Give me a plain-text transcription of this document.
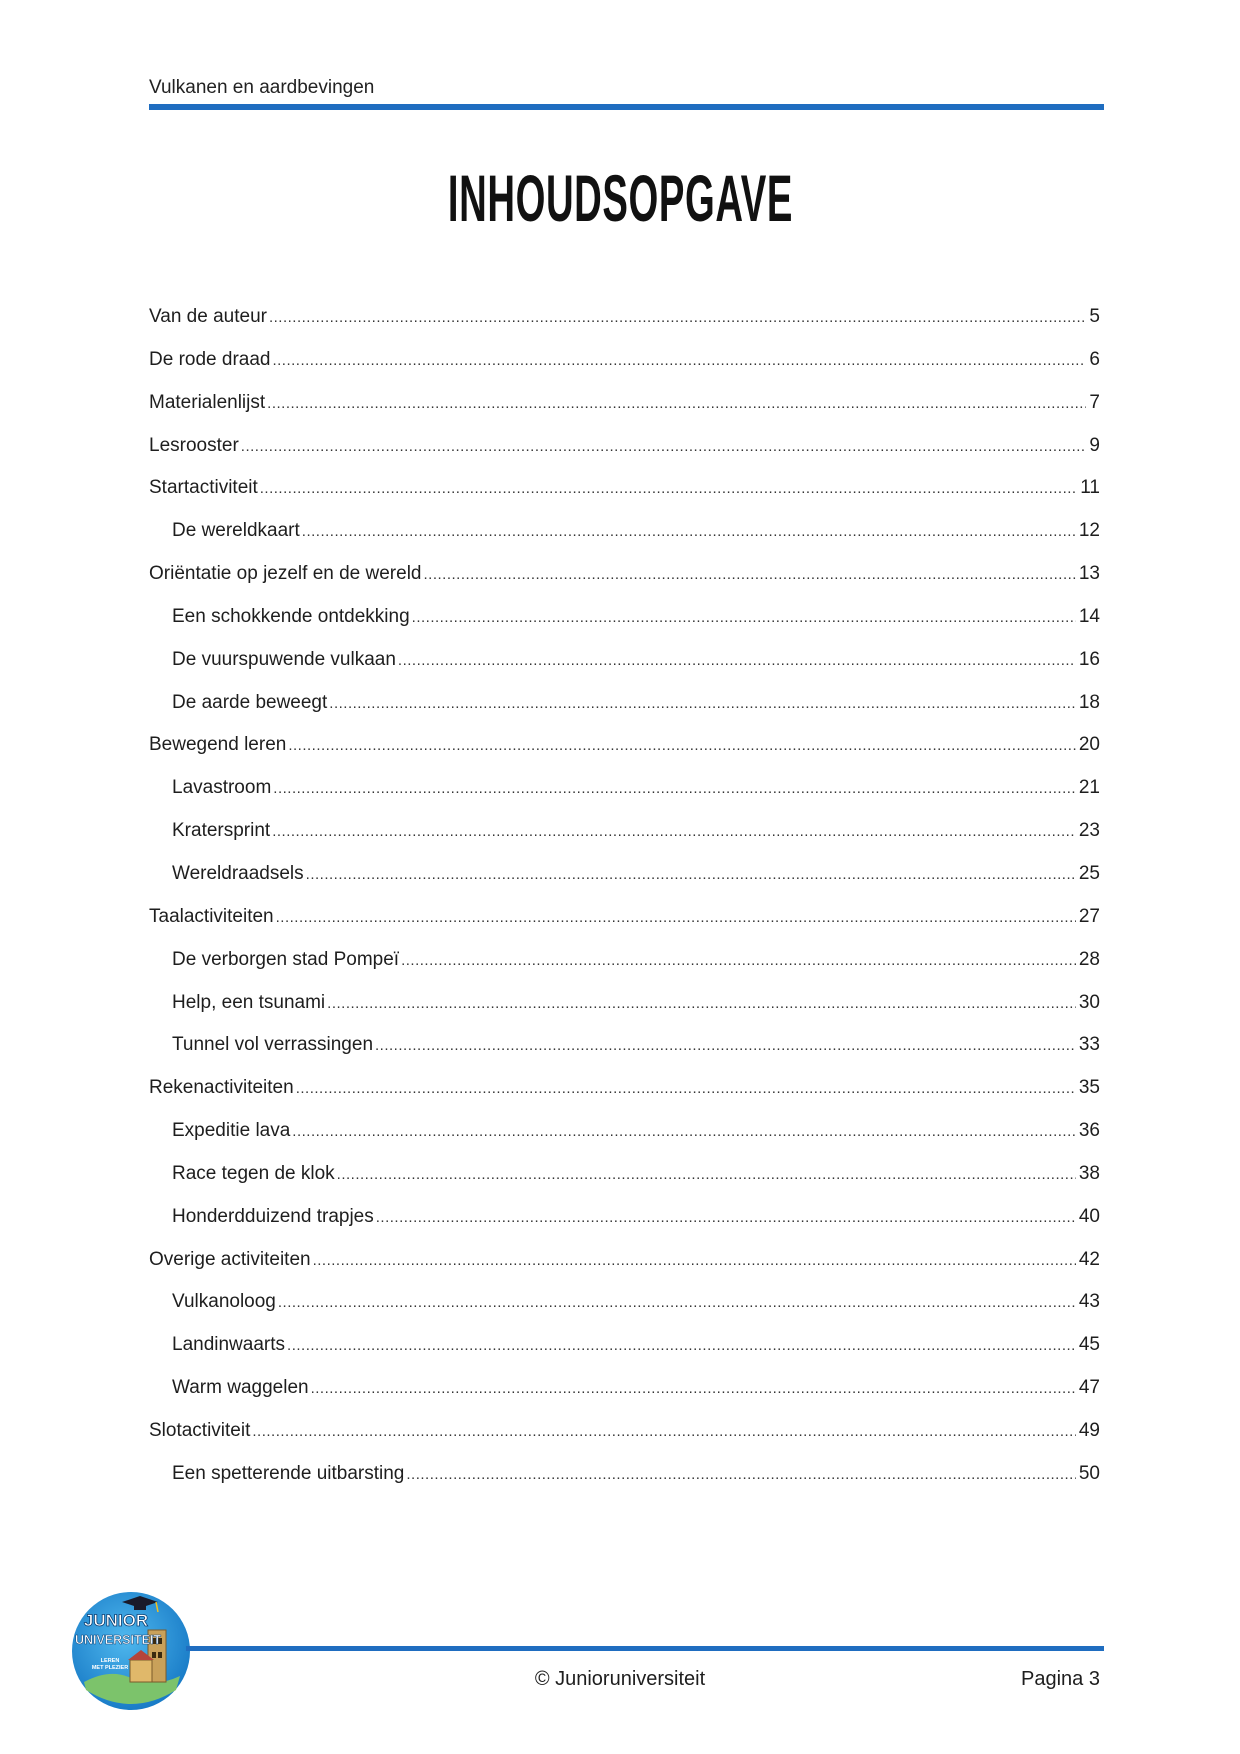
Vulkanen en aardbevingen
INHOUDSOPGAVE
Van de auteur .....	5
De rode draad .....	6
Materialenlijst .....	7
Lesrooster .....	9
Startactiviteit .....	11
De wereldkaart .....	12
Oriëntatie op jezelf en de wereld .....	13
Een schokkende ontdekking .....	14
De vuurspuwende vulkaan .....	16
De aarde beweegt .....	18
Bewegend leren .....	20
Lavastroom .....	21
Kratersprint .....	23
Wereldraadsels .....	25
Taalactiviteiten .....	27
De verborgen stad Pompeï .....	28
Help, een tsunami .....	30
Tunnel vol verrassingen .....	33
Rekenactiviteiten .....	35
Expeditie lava .....	36
Race tegen de klok .....	38
Honderdduizend trapjes .....	40
Overige activiteiten .....	42
Vulkanoloog .....	43
Landinwaarts .....	45
Warm waggelen .....	47
Slotactiviteit .....	49
Een spetterende uitbarsting .....	50
JUNIOR
UNIVERSITEIT
LEREN
MET PLEZIER	© Junioruniversiteit	Pagina 3
